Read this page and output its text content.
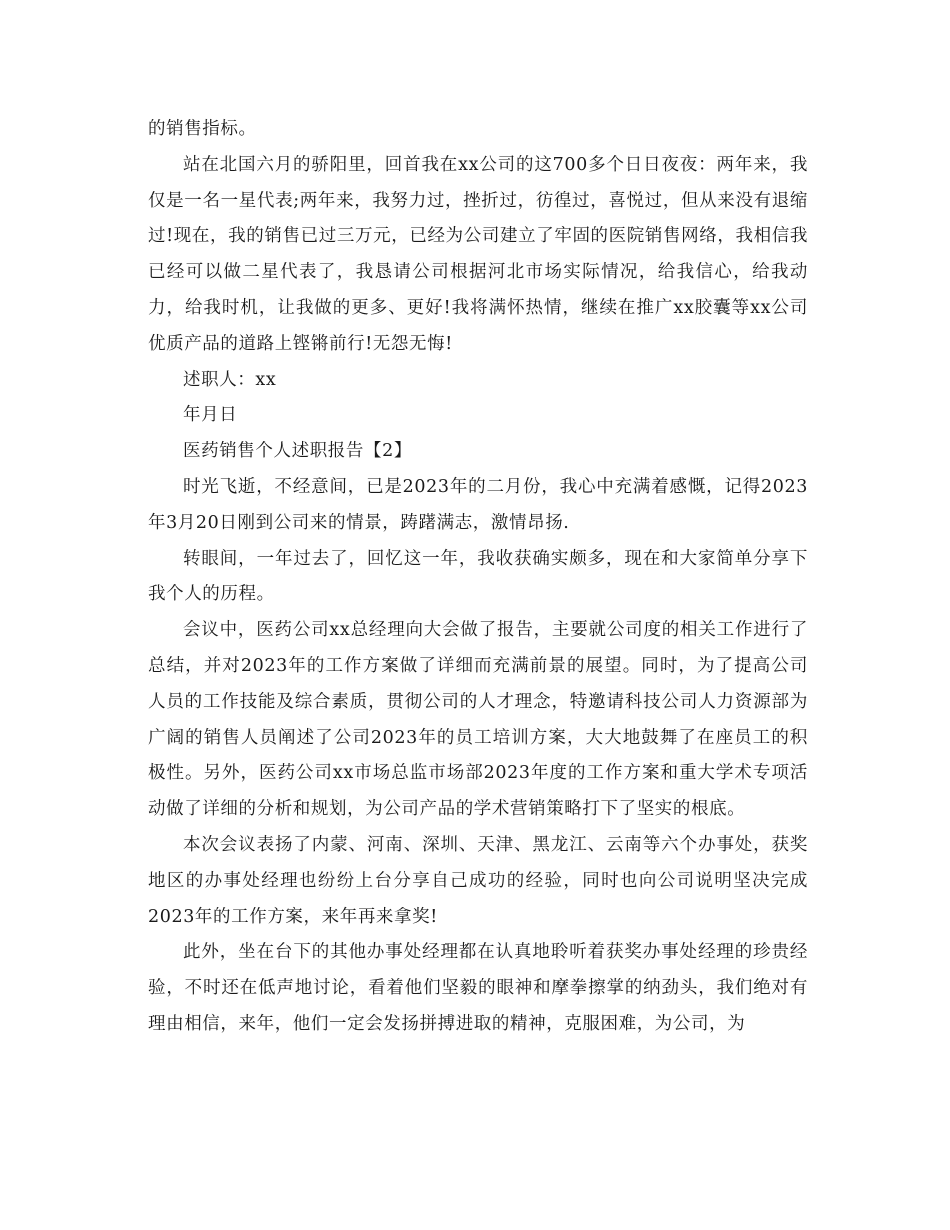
的销售指标。

站在北国六月的骄阳里，回首我在xx公司的这700多个日日夜夜：两年来，我仅是一名一星代表;两年来，我努力过，挫折过，彷徨过，喜悦过，但从来没有退缩过!现在，我的销售已过三万元，已经为公司建立了牢固的医院销售网络，我相信我已经可以做二星代表了，我恳请公司根据河北市场实际情况，给我信心，给我动力，给我时机，让我做的更多、更好!我将满怀热情，继续在推广xx胶囊等xx公司优质产品的道路上铿锵前行!无怨无悔!

述职人：xx

年月日

医药销售个人述职报告【2】

时光飞逝，不经意间，已是2023年的二月份，我心中充满着感慨，记得2023年3月20日刚到公司来的情景，踌躇满志，激情昂扬.

转眼间，一年过去了，回忆这一年，我收获确实颇多，现在和大家简单分享下我个人的历程。

会议中，医药公司xx总经理向大会做了报告，主要就公司度的相关工作进行了总结，并对2023年的工作方案做了详细而充满前景的展望。同时，为了提高公司人员的工作技能及综合素质，贯彻公司的人才理念，特邀请科技公司人力资源部为广阔的销售人员阐述了公司2023年的员工培训方案，大大地鼓舞了在座员工的积极性。另外，医药公司xx市场总监市场部2023年度的工作方案和重大学术专项活动做了详细的分析和规划，为公司产品的学术营销策略打下了坚实的根底。

本次会议表扬了内蒙、河南、深圳、天津、黑龙江、云南等六个办事处，获奖地区的办事处经理也纷纷上台分享自己成功的经验，同时也向公司说明坚决完成2023年的工作方案，来年再来拿奖!

此外，坐在台下的其他办事处经理都在认真地聆听着获奖办事处经理的珍贵经验，不时还在低声地讨论，看着他们坚毅的眼神和摩拳擦掌的纳劲头，我们绝对有理由相信，来年，他们一定会发扬拼搏进取的精神，克服困难，为公司，为
